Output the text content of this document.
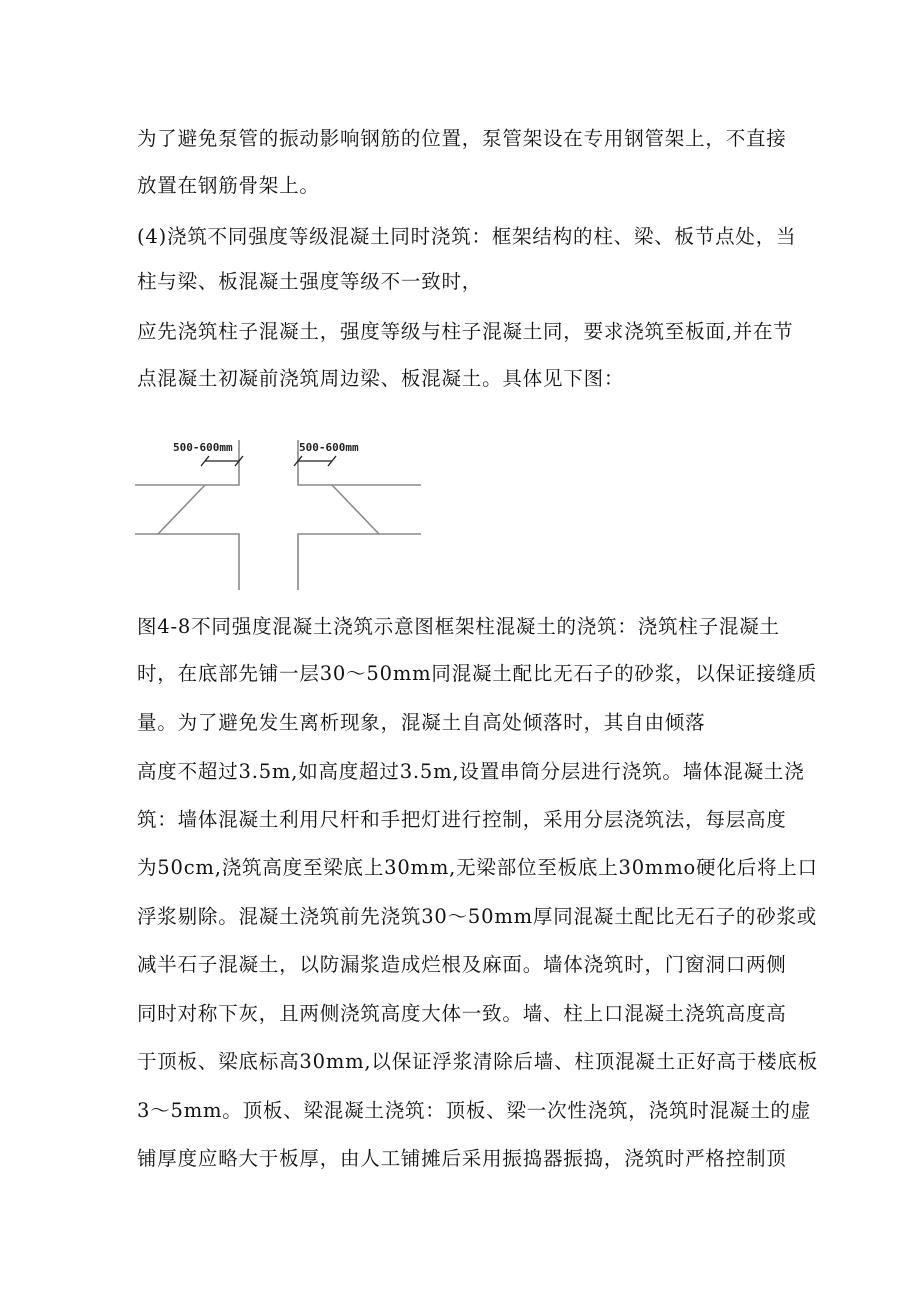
为了避免泵管的振动影响钢筋的位置，泵管架设在专用钢管架上，不直接
放置在钢筋骨架上。
(4)浇筑不同强度等级混凝土同时浇筑：框架结构的柱、梁、板节点处，当
柱与梁、板混凝土强度等级不一致时，
应先浇筑柱子混凝土，强度等级与柱子混凝土同，要求浇筑至板面,并在节
点混凝土初凝前浇筑周边梁、板混凝土。具体见下图：
500-600mm	500-600mm
图4-8不同强度混凝土浇筑示意图框架柱混凝土的浇筑：浇筑柱子混凝土
时，在底部先铺一层30～50mm同混凝土配比无石子的砂浆，以保证接缝质
量。为了避免发生离析现象，混凝土自高处倾落时，其自由倾落
高度不超过3.5m,如高度超过3.5m,设置串筒分层进行浇筑。墙体混凝土浇
筑：墙体混凝土利用尺杆和手把灯进行控制，采用分层浇筑法，每层高度
为50cm,浇筑高度至梁底上30mm,无梁部位至板底上30mmo硬化后将上口
浮浆剔除。混凝土浇筑前先浇筑30～50mm厚同混凝土配比无石子的砂浆或
减半石子混凝土，以防漏浆造成烂根及麻面。墙体浇筑时，门窗洞口两侧
同时对称下灰，且两侧浇筑高度大体一致。墙、柱上口混凝土浇筑高度高
于顶板、梁底标高30mm,以保证浮浆清除后墙、柱顶混凝土正好高于楼底板
3～5mm。顶板、梁混凝土浇筑：顶板、梁一次性浇筑，浇筑时混凝土的虚
铺厚度应略大于板厚，由人工铺摊后采用振捣器振捣，浇筑时严格控制顶
